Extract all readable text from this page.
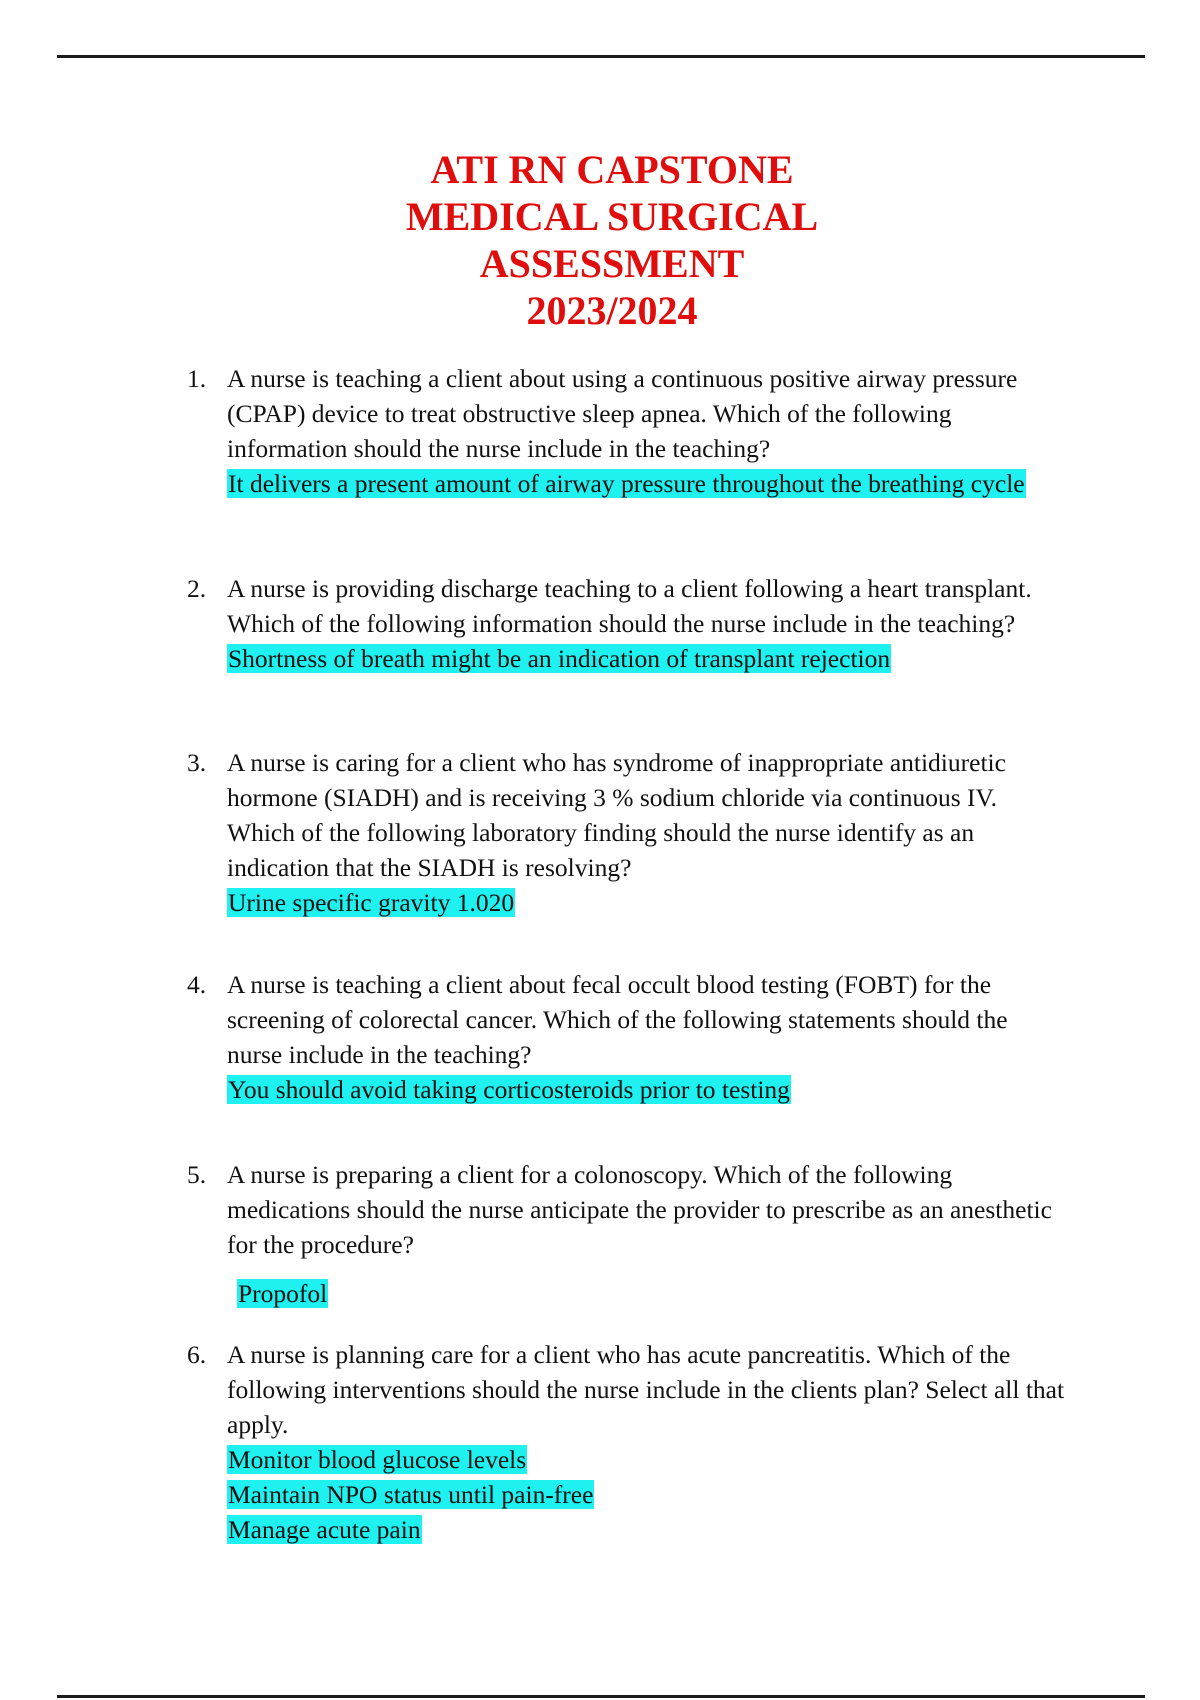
ATI RN CAPSTONE
MEDICAL SURGICAL
ASSESSMENT
2023/2024
1. A nurse is teaching a client about using a continuous positive airway pressure (CPAP) device to treat obstructive sleep apnea. Which of the following information should the nurse include in the teaching?
It delivers a present amount of airway pressure throughout the breathing cycle
2. A nurse is providing discharge teaching to a client following a heart transplant. Which of the following information should the nurse include in the teaching?
Shortness of breath might be an indication of transplant rejection
3. A nurse is caring for a client who has syndrome of inappropriate antidiuretic hormone (SIADH) and is receiving 3 % sodium chloride via continuous IV. Which of the following laboratory finding should the nurse identify as an indication that the SIADH is resolving?
Urine specific gravity 1.020
4. A nurse is teaching a client about fecal occult blood testing (FOBT) for the screening of colorectal cancer. Which of the following statements should the nurse include in the teaching?
You should avoid taking corticosteroids prior to testing
5. A nurse is preparing a client for a colonoscopy. Which of the following medications should the nurse anticipate the provider to prescribe as an anesthetic for the procedure?
Propofol
6. A nurse is planning care for a client who has acute pancreatitis. Which of the following interventions should the nurse include in the clients plan? Select all that apply.
Monitor blood glucose levels
Maintain NPO status until pain-free
Manage acute pain
